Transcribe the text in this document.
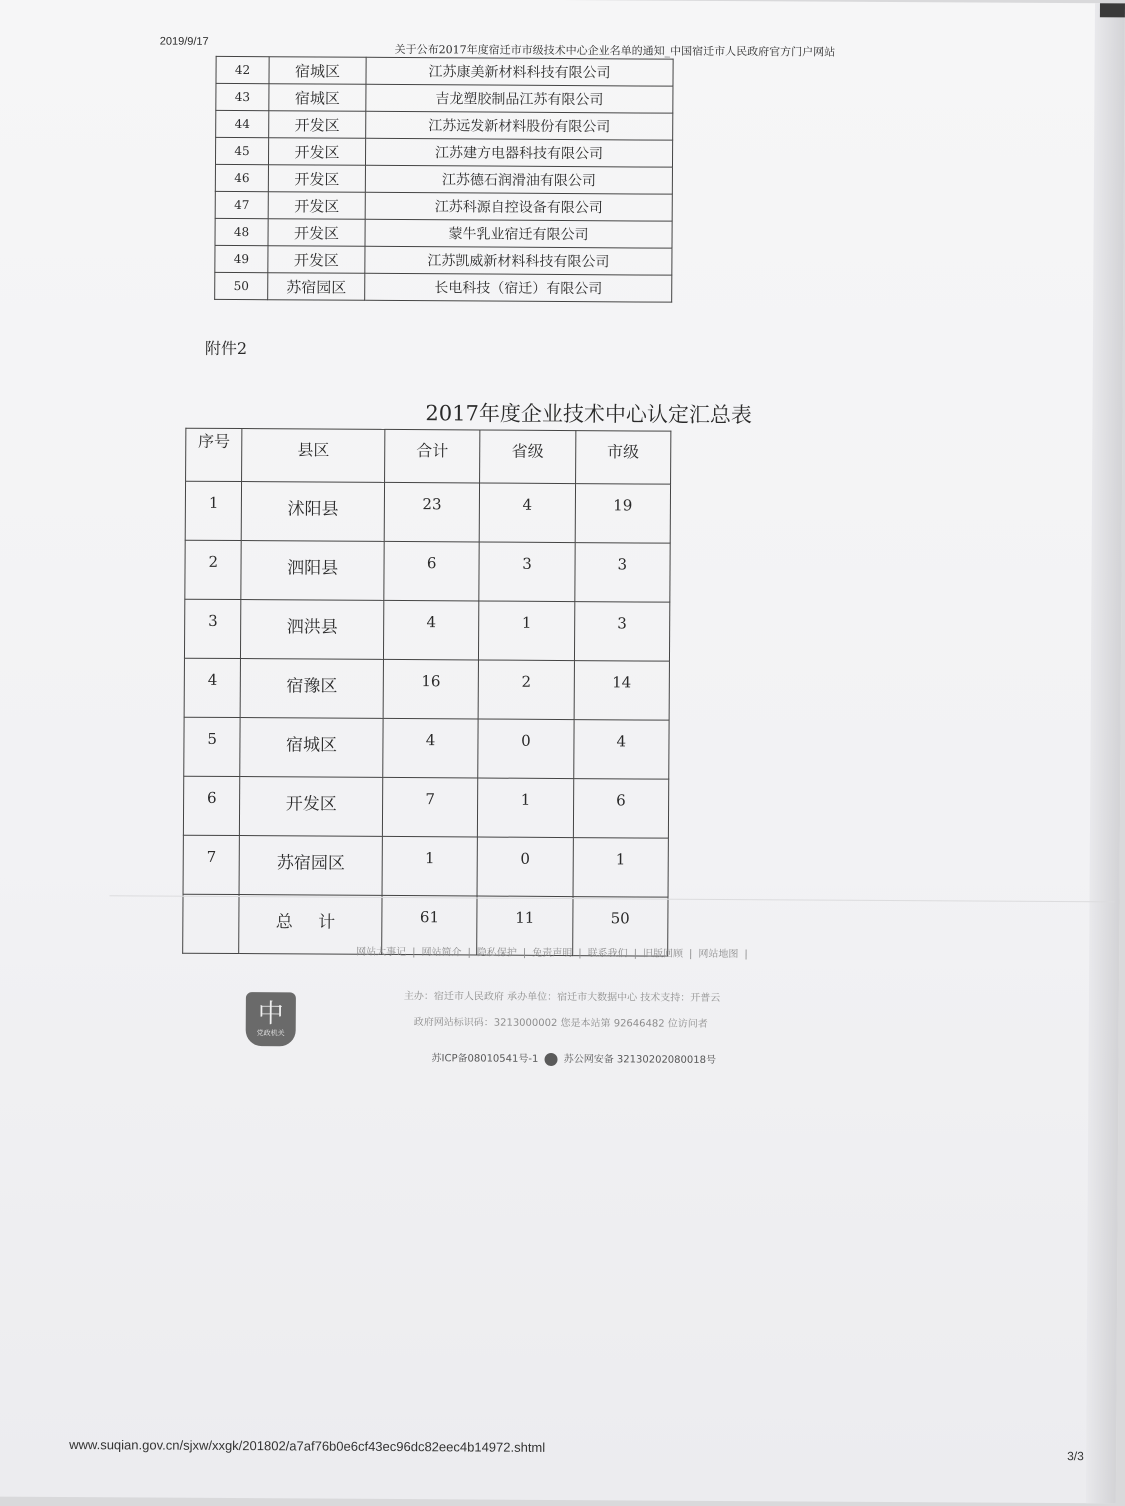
2019/9/17
关于公布2017年度宿迁市市级技术中心企业名单的通知_中国宿迁市人民政府官方门户网站
42	宿城区	江苏康美新材料科技有限公司
43	宿城区	吉龙塑胶制品江苏有限公司
44	开发区	江苏远发新材料股份有限公司
45	开发区	江苏建方电器科技有限公司
46	开发区	江苏德石润滑油有限公司
47	开发区	江苏科源自控设备有限公司
48	开发区	蒙牛乳业宿迁有限公司
49	开发区	江苏凯威新材料科技有限公司
50	苏宿园区	长电科技（宿迁）有限公司
附件2
2017年度企业技术中心认定汇总表
序号	县区	合计	省级	市级
1	沭阳县	23	4	19
2	泗阳县	6	3	3
3	泗洪县	4	1	3
4	宿豫区	16	2	14
5	宿城区	4	0	4
6	开发区	7	1	6
7	苏宿园区	1	0	1
	总 计	61	11	50
网站大事记 | 网站简介 | 隐私保护 | 免责声明 | 联系我们 | 旧版回顾 | 网站地图 |
中
党政机关
主办：宿迁市人民政府 承办单位：宿迁市大数据中心 技术支持：开普云
政府网站标识码：3213000002 您是本站第 92646482 位访问者
苏ICP备08010541号-1	苏公网安备 32130202080018号
www.suqian.gov.cn/sjxw/xxgk/201802/a7af76b0e6cf43ec96dc82eec4b14972.shtml
3/3
